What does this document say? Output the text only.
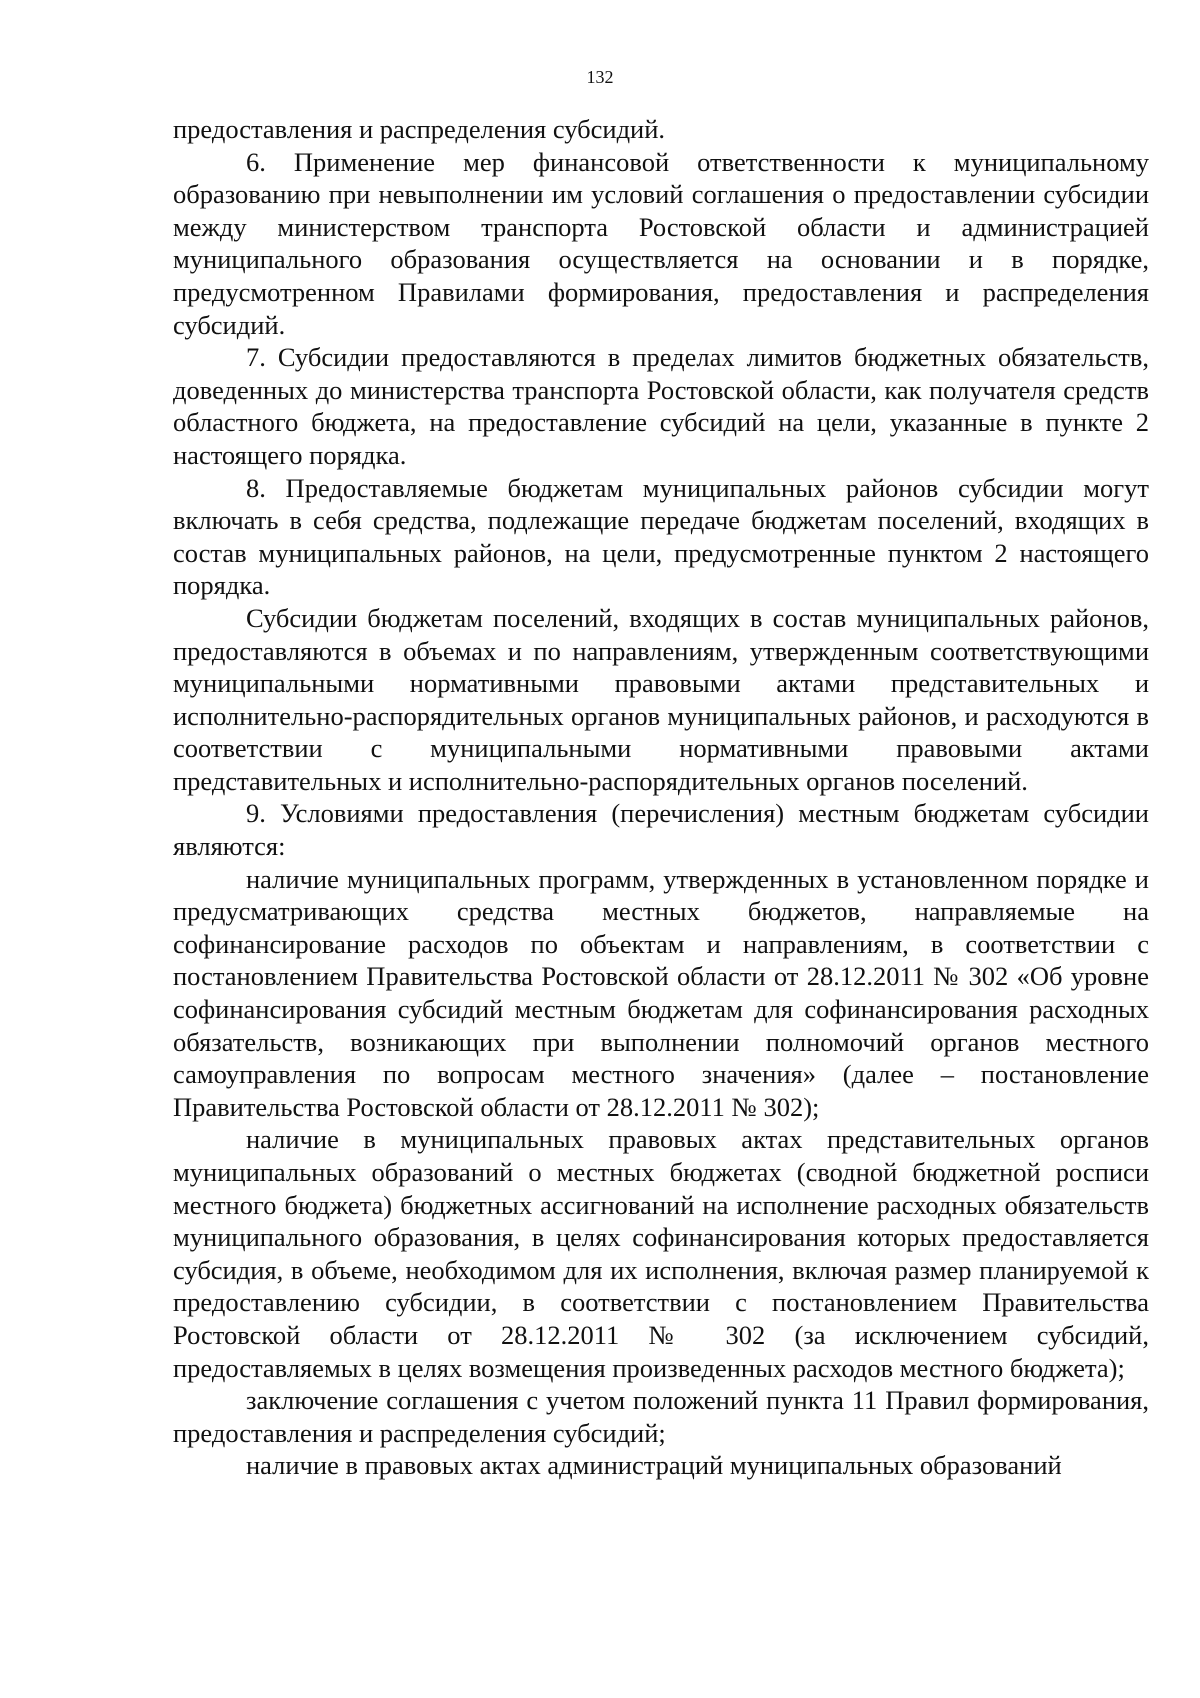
132

предоставления и распределения субсидий.

6. Применение мер финансовой ответственности к муниципальному образованию при невыполнении им условий соглашения о предоставлении субсидии между министерством транспорта Ростовской области и администрацией муниципального образования осуществляется на основании и в порядке, предусмотренном Правилами формирования, предоставления и распределения субсидий.

7. Субсидии предоставляются в пределах лимитов бюджетных обязательств, доведенных до министерства транспорта Ростовской области, как получателя средств областного бюджета, на предоставление субсидий на цели, указанные в пункте 2 настоящего порядка.

8. Предоставляемые бюджетам муниципальных районов субсидии могут включать в себя средства, подлежащие передаче бюджетам поселений, входящих в состав муниципальных районов, на цели, предусмотренные пунктом 2 настоящего порядка.

Субсидии бюджетам поселений, входящих в состав муниципальных районов, предоставляются в объемах и по направлениям, утвержденным соответствующими муниципальными нормативными правовыми актами представительных и исполнительно-распорядительных органов муниципальных районов, и расходуются в соответствии с муниципальными нормативными правовыми актами представительных и исполнительно-распорядительных органов поселений.

9. Условиями предоставления (перечисления) местным бюджетам субсидии являются:

наличие муниципальных программ, утвержденных в установленном порядке и предусматривающих средства местных бюджетов, направляемые на софинансирование расходов по объектам и направлениям, в соответствии с постановлением Правительства Ростовской области от 28.12.2011 № 302 «Об уровне софинансирования субсидий местным бюджетам для софинансирования расходных обязательств, возникающих при выполнении полномочий органов местного самоуправления по вопросам местного значения» (далее – постановление Правительства Ростовской области от 28.12.2011 № 302);

наличие в муниципальных правовых актах представительных органов муниципальных образований о местных бюджетах (сводной бюджетной росписи местного бюджета) бюджетных ассигнований на исполнение расходных обязательств муниципального образования, в целях софинансирования которых предоставляется субсидия, в объеме, необходимом для их исполнения, включая размер планируемой к предоставлению субсидии, в соответствии с постановлением Правительства Ростовской области от 28.12.2011 № 302 (за исключением субсидий, предоставляемых в целях возмещения произведенных расходов местного бюджета);

заключение соглашения с учетом положений пункта 11 Правил формирования, предоставления и распределения субсидий;

наличие в правовых актах администраций муниципальных образований
